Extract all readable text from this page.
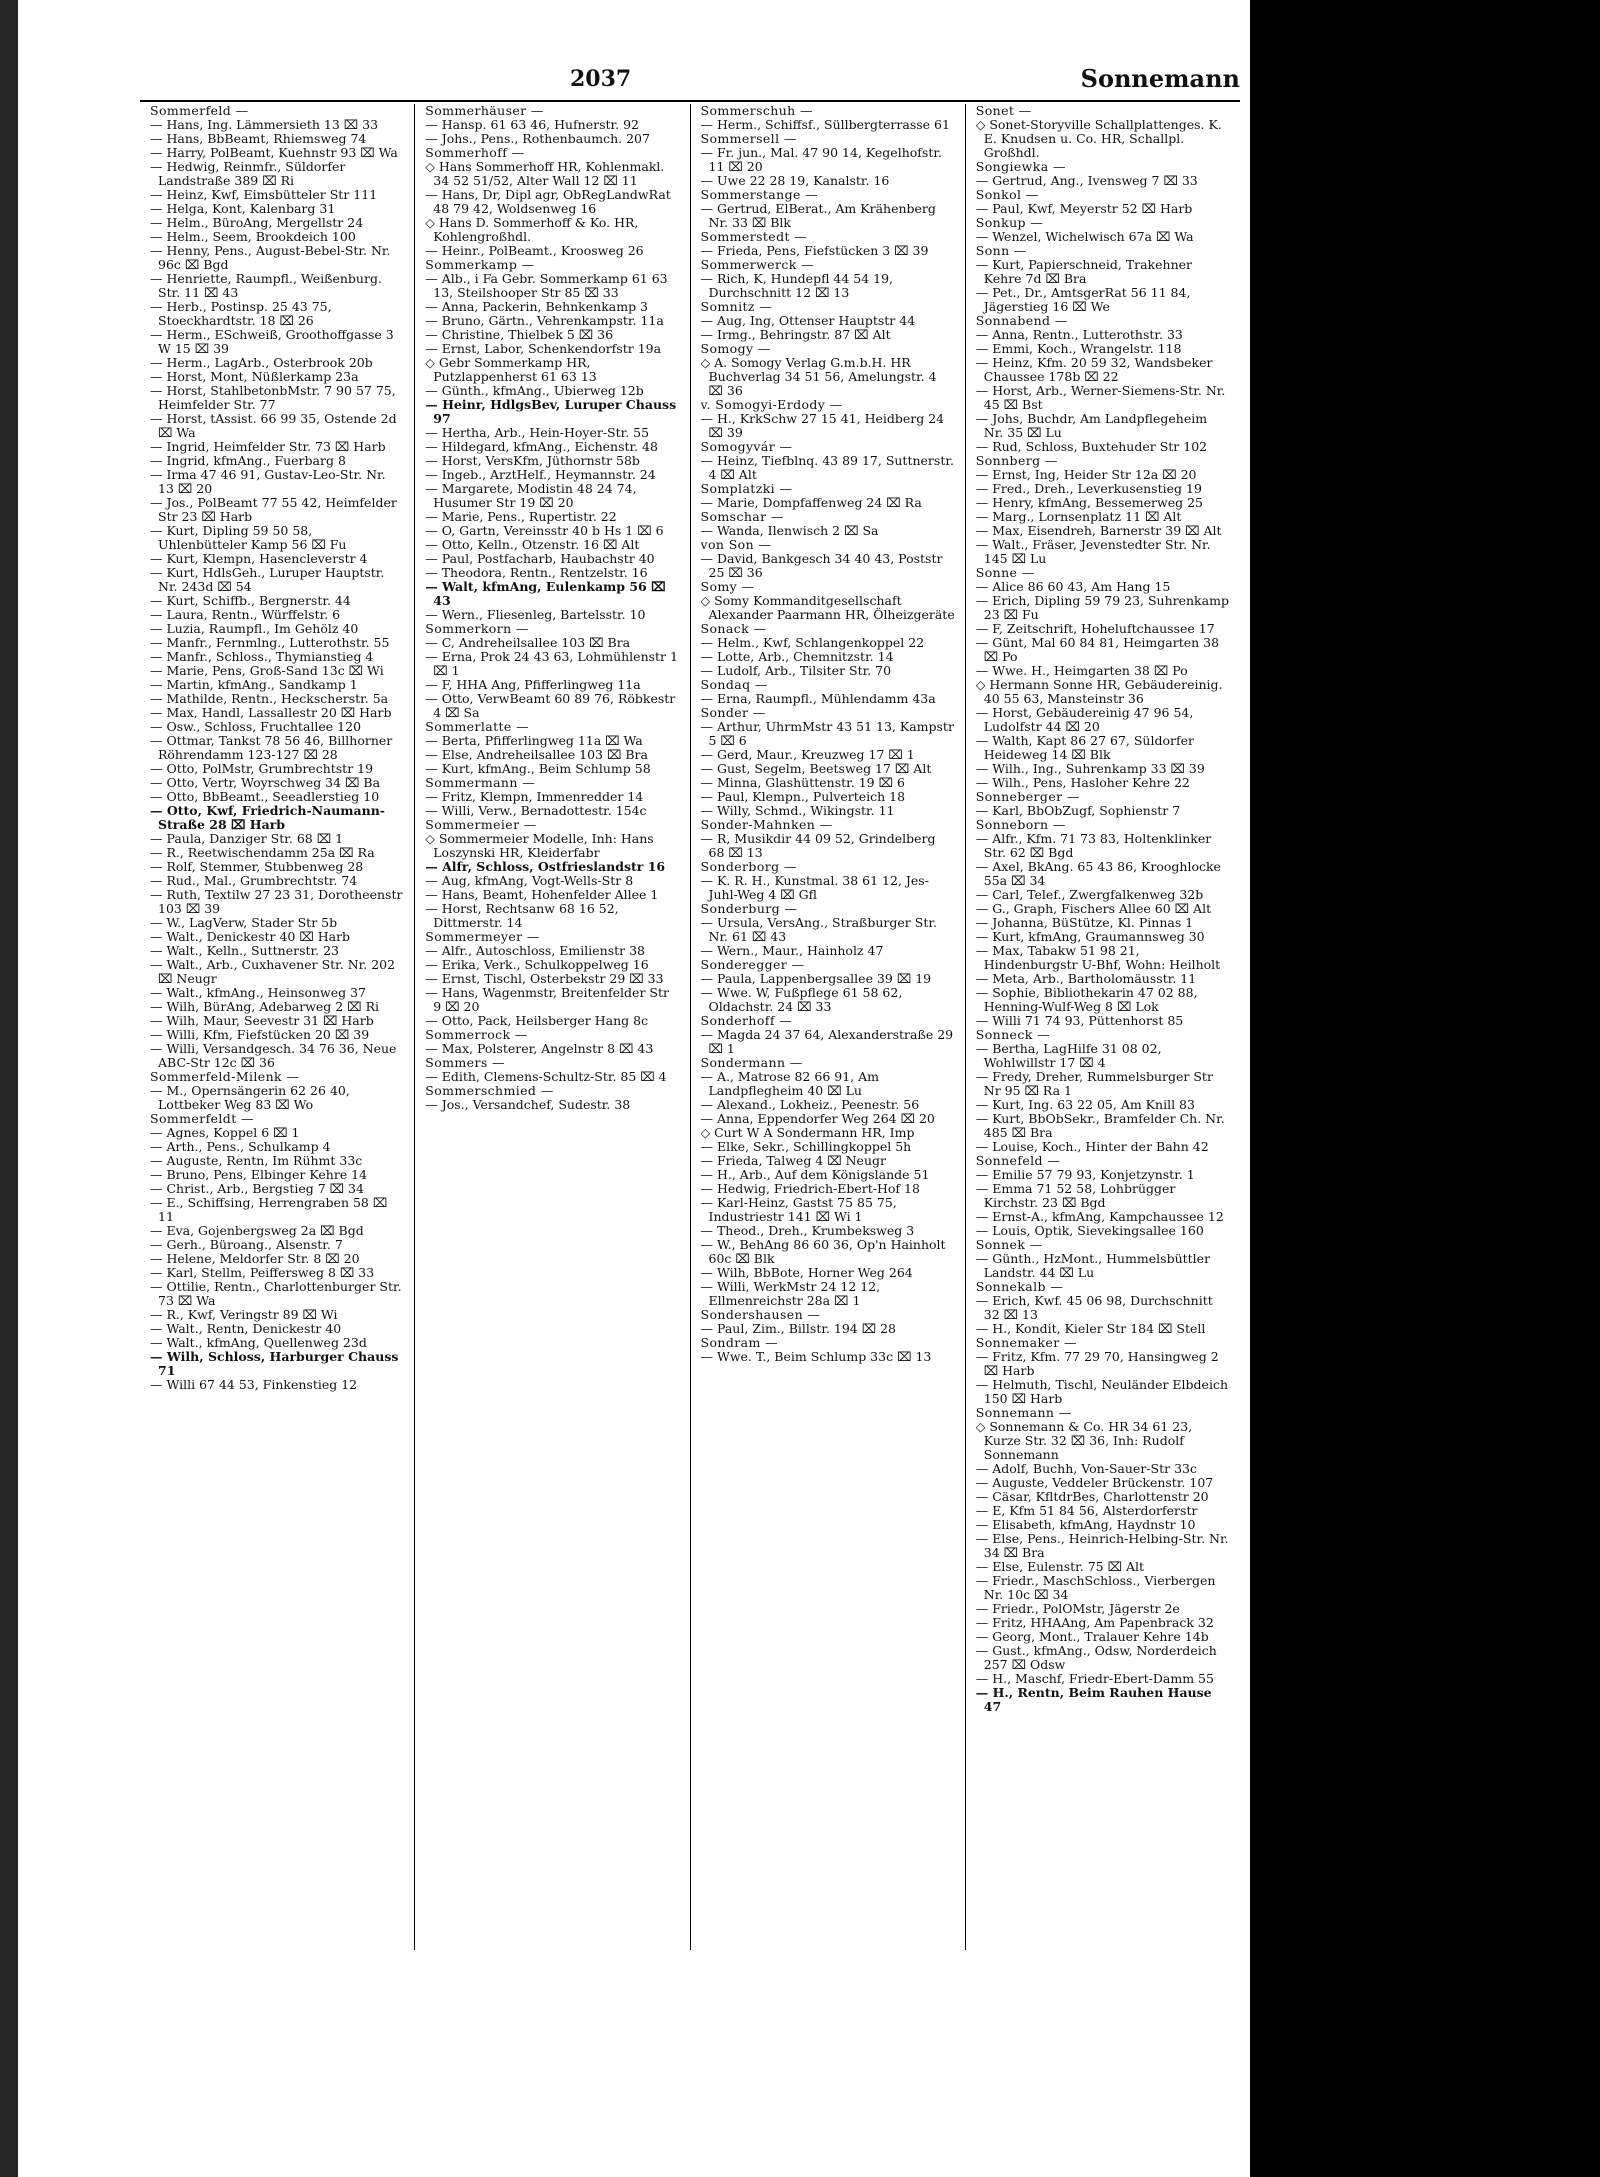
2037	Sonnemann
Sommerfeld —
— Hans, Ing. Lämmersieth 13 ⌧ 33
— Hans, BbBeamt, Rhiemsweg 74
— Harry, PolBeamt, Kuehnstr 93 ⌧ Wa
— Hedwig, Reinmfr., Süldorfer Landstraße 389 ⌧ Ri
— Heinz, Kwf, Eimsbütteler Str 111
— Helga, Kont, Kalenbarg 31
— Helm., BüroAng, Mergellstr 24
— Helm., Seem, Brookdeich 100
— Henny, Pens., August-Bebel-Str. Nr. 96c ⌧ Bgd
— Henriette, Raumpfl., Weißenburg. Str. 11 ⌧ 43
— Herb., Postinsp. 25 43 75, Stoeckhardtstr. 18 ⌧ 26
— Herm., ESchweiß, Groothoffgasse 3 W 15 ⌧ 39
— Herm., LagArb., Osterbrook 20b
— Horst, Mont, Nüßlerkamp 23a
— Horst, StahlbetonbMstr. 7 90 57 75, Heimfelder Str. 77
— Horst, tAssist. 66 99 35, Ostende 2d ⌧ Wa
— Ingrid, Heimfelder Str. 73 ⌧ Harb
— Ingrid, kfmAng., Fuerbarg 8
— Irma 47 46 91, Gustav-Leo-Str. Nr. 13 ⌧ 20
— Jos., PolBeamt 77 55 42, Heimfelder Str 23 ⌧ Harb
— Kurt, Dipling 59 50 58, Uhlenbütteler Kamp 56 ⌧ Fu
— Kurt, Klempn, Hasencleverstr 4
— Kurt, HdlsGeh., Luruper Hauptstr. Nr. 243d ⌧ 54
— Kurt, Schiffb., Bergnerstr. 44
— Laura, Rentn., Würffelstr. 6
— Luzia, Raumpfl., Im Gehölz 40
— Manfr., Fernmlng., Lutterothstr. 55
— Manfr., Schloss., Thymianstieg 4
— Marie, Pens, Groß-Sand 13c ⌧ Wi
— Martin, kfmAng., Sandkamp 1
— Mathilde, Rentn., Heckscherstr. 5a
— Max, Handl, Lassallestr 20 ⌧ Harb
— Osw., Schloss, Fruchtallee 120
— Ottmar, Tankst 78 56 46, Billhorner Röhrendamm 123-127 ⌧ 28
— Otto, PolMstr, Grumbrechtstr 19
— Otto, Vertr, Woyrschweg 34 ⌧ Ba
— Otto, BbBeamt., Seeadlerstieg 10
— Otto, Kwf, Friedrich-Naumann-Straße 28 ⌧ Harb
— Paula, Danziger Str. 68 ⌧ 1
— R., Reetwischendamm 25a ⌧ Ra
— Rolf, Stemmer, Stubbenweg 28
— Rud., Mal., Grumbrechtstr. 74
— Ruth, Textilw 27 23 31, Dorotheenstr 103 ⌧ 39
— W., LagVerw, Stader Str 5b
— Walt., Denickestr 40 ⌧ Harb
— Walt., Kelln., Suttnerstr. 23
— Walt., Arb., Cuxhavener Str. Nr. 202 ⌧ Neugr
— Walt., kfmAng., Heinsonweg 37
— Wilh, BürAng, Adebarweg 2 ⌧ Ri
— Wilh, Maur, Seevestr 31 ⌧ Harb
— Willi, Kfm, Fiefstücken 20 ⌧ 39
— Willi, Versandgesch. 34 76 36, Neue ABC-Str 12c ⌧ 36
Sommerfeld-Milenk —
— M., Opernsängerin 62 26 40, Lottbeker Weg 83 ⌧ Wo
Sommerfeldt —
— Agnes, Koppel 6 ⌧ 1
— Arth., Pens., Schulkamp 4
— Auguste, Rentn, Im Rühmt 33c
— Bruno, Pens, Elbinger Kehre 14
— Christ., Arb., Bergstieg 7 ⌧ 34
— E., Schiffsing, Herrengraben 58 ⌧ 11
— Eva, Gojenbergsweg 2a ⌧ Bgd
— Gerh., Büroang., Alsenstr. 7
— Helene, Meldorfer Str. 8 ⌧ 20
— Karl, Stellm, Peiffersweg 8 ⌧ 33
— Ottilie, Rentn., Charlottenburger Str. 73 ⌧ Wa
— R., Kwf, Veringstr 89 ⌧ Wi
— Walt., Rentn, Denickestr 40
— Walt., kfmAng, Quellenweg 23d
— Wilh, Schloss, Harburger Chauss 71
— Willi 67 44 53, Finkenstieg 12
Sommerhäuser —
— Hansp. 61 63 46, Hufnerstr. 92
— Johs., Pens., Rothenbaumch. 207
Sommerhoff —
◇ Hans Sommerhoff HR, Kohlenmakl. 34 52 51/52, Alter Wall 12 ⌧ 11
— Hans, Dr, Dipl agr, ObRegLandwRat 48 79 42, Woldsenweg 16
◇ Hans D. Sommerhoff & Ko. HR, Kohlengroßhdl.
— Heinr., PolBeamt., Kroosweg 26
Sommerkamp —
— Alb., i Fa Gebr. Sommerkamp 61 63 13, Steilshooper Str 85 ⌧ 33
— Anna, Packerin, Behnkenkamp 3
— Bruno, Gärtn., Vehrenkampstr. 11a
— Christine, Thielbek 5 ⌧ 36
— Ernst, Labor, Schenkendorfstr 19a
◇ Gebr Sommerkamp HR, Putzlappenherst 61 63 13
— Günth., kfmAng., Ubierweg 12b
— Heinr, HdlgsBev, Luruper Chauss 97
— Hertha, Arb., Hein-Hoyer-Str. 55
— Hildegard, kfmAng., Eichenstr. 48
— Horst, VersKfm, Jüthornstr 58b
— Ingeb., ArztHelf., Heymannstr. 24
— Margarete, Modistin 48 24 74, Husumer Str 19 ⌧ 20
— Marie, Pens., Rupertistr. 22
— O, Gartn, Vereinsstr 40 b Hs 1 ⌧ 6
— Otto, Kelln., Otzenstr. 16 ⌧ Alt
— Paul, Postfacharb, Haubachstr 40
— Theodora, Rentn., Rentzelstr. 16
— Walt, kfmAng, Eulenkamp 56 ⌧ 43
— Wern., Fliesenleg, Bartelsstr. 10
Sommerkorn —
— C, Andreheilsallee 103 ⌧ Bra
— Erna, Prok 24 43 63, Lohmühlenstr 1 ⌧ 1
— F, HHA Ang, Pfifferlingweg 11a
— Otto, VerwBeamt 60 89 76, Röbkestr 4 ⌧ Sa
Sommerlatte —
— Berta, Pfifferlingweg 11a ⌧ Wa
— Else, Andreheilsallee 103 ⌧ Bra
— Kurt, kfmAng., Beim Schlump 58
Sommermann —
— Fritz, Klempn, Immenredder 14
— Willi, Verw., Bernadottestr. 154c
Sommermeier —
◇ Sommermeier Modelle, Inh: Hans Loszynski HR, Kleiderfabr
— Alfr, Schloss, Ostfrieslandstr 16
— Aug, kfmAng, Vogt-Wells-Str 8
— Hans, Beamt, Hohenfelder Allee 1
— Horst, Rechtsanw 68 16 52, Dittmerstr. 14
Sommermeyer —
— Alfr., Autoschloss, Emilienstr 38
— Erika, Verk., Schulkoppelweg 16
— Ernst, Tischl, Osterbekstr 29 ⌧ 33
— Hans, Wagenmstr, Breitenfelder Str 9 ⌧ 20
— Otto, Pack, Heilsberger Hang 8c
Sommerrock —
— Max, Polsterer, Angelnstr 8 ⌧ 43
Sommers —
— Edith, Clemens-Schultz-Str. 85 ⌧ 4
Sommerschmied —
— Jos., Versandchef, Sudestr. 38
Sommerschuh —
— Herm., Schiffsf., Süllbergterrasse 61
Sommersell —
— Fr. jun., Mal. 47 90 14, Kegelhofstr. 11 ⌧ 20
— Uwe 22 28 19, Kanalstr. 16
Sommerstange —
— Gertrud, ElBerat., Am Krähenberg Nr. 33 ⌧ Blk
Sommerstedt —
— Frieda, Pens, Fiefstücken 3 ⌧ 39
Sommerwerck —
— Rich, K, Hundepfl 44 54 19, Durchschnitt 12 ⌧ 13
Somnitz —
— Aug, Ing, Ottenser Hauptstr 44
— Irmg., Behringstr. 87 ⌧ Alt
Somogy —
◇ A. Somogy Verlag G.m.b.H. HR Buchverlag 34 51 56, Amelungstr. 4 ⌧ 36
v. Somogyi-Erdody —
— H., KrkSchw 27 15 41, Heidberg 24 ⌧ 39
Somogyvár —
— Heinz, Tiefblnq. 43 89 17, Suttnerstr. 4 ⌧ Alt
Somplatzki —
— Marie, Dompfaffenweg 24 ⌧ Ra
Somschar —
— Wanda, Ilenwisch 2 ⌧ Sa
von Son —
— David, Bankgesch 34 40 43, Poststr 25 ⌧ 36
Somy —
◇ Somy Kommanditgesellschaft Alexander Paarmann HR, Ölheizgeräte
Sonack —
— Helm., Kwf, Schlangenkoppel 22
— Lotte, Arb., Chemnitzstr. 14
— Ludolf, Arb., Tilsiter Str. 70
Sondaq —
— Erna, Raumpfl., Mühlendamm 43a
Sonder —
— Arthur, UhrmMstr 43 51 13, Kampstr 5 ⌧ 6
— Gerd, Maur., Kreuzweg 17 ⌧ 1
— Gust, Segelm, Beetsweg 17 ⌧ Alt
— Minna, Glashüttenstr. 19 ⌧ 6
— Paul, Klempn., Pulverteich 18
— Willy, Schmd., Wikingstr. 11
Sonder-Mahnken —
— R, Musikdir 44 09 52, Grindelberg 68 ⌧ 13
Sonderborg —
— K. R. H., Kunstmal. 38 61 12, Jes-Juhl-Weg 4 ⌧ Gfl
Sonderburg —
— Ursula, VersAng., Straßburger Str. Nr. 61 ⌧ 43
— Wern., Maur., Hainholz 47
Sonderegger —
— Paula, Lappenbergsallee 39 ⌧ 19
— Wwe. W, Fußpflege 61 58 62, Oldachstr. 24 ⌧ 33
Sonderhoff —
— Magda 24 37 64, Alexanderstraße 29 ⌧ 1
Sondermann —
— A., Matrose 82 66 91, Am Landpflegheim 40 ⌧ Lu
— Alexand., Lokheiz., Peenestr. 56
— Anna, Eppendorfer Weg 264 ⌧ 20
◇ Curt W A Sondermann HR, Imp
— Elke, Sekr., Schillingkoppel 5h
— Frieda, Talweg 4 ⌧ Neugr
— H., Arb., Auf dem Königslande 51
— Hedwig, Friedrich-Ebert-Hof 18
— Karl-Heinz, Gastst 75 85 75, Industriestr 141 ⌧ Wi 1
— Theod., Dreh., Krumbeksweg 3
— W., BehAng 86 60 36, Op'n Hainholt 60c ⌧ Blk
— Wilh, BbBote, Horner Weg 264
— Willi, WerkMstr 24 12 12, Ellmenreichstr 28a ⌧ 1
Sondershausen —
— Paul, Zim., Billstr. 194 ⌧ 28
Sondram —
— Wwe. T., Beim Schlump 33c ⌧ 13
Sonet —
◇ Sonet-Storyville Schallplattenges. K. E. Knudsen u. Co. HR, Schallpl. Großhdl.
Songiewka —
— Gertrud, Ang., Ivensweg 7 ⌧ 33
Sonkol —
— Paul, Kwf, Meyerstr 52 ⌧ Harb
Sonkup —
— Wenzel, Wichelwisch 67a ⌧ Wa
Sonn —
— Kurt, Papierschneid, Trakehner Kehre 7d ⌧ Bra
— Pet., Dr., AmtsgerRat 56 11 84, Jägerstieg 16 ⌧ We
Sonnabend —
— Anna, Rentn., Lutterothstr. 33
— Emmi, Koch., Wrangelstr. 118
— Heinz, Kfm. 20 59 32, Wandsbeker Chaussee 178b ⌧ 22
— Horst, Arb., Werner-Siemens-Str. Nr. 45 ⌧ Bst
— Johs, Buchdr, Am Landpflegeheim Nr. 35 ⌧ Lu
— Rud, Schloss, Buxtehuder Str 102
Sonnberg —
— Ernst, Ing, Heider Str 12a ⌧ 20
— Fred., Dreh., Leverkusenstieg 19
— Henry, kfmAng, Bessemerweg 25
— Marg., Lornsenplatz 11 ⌧ Alt
— Max, Eisendreh, Barnerstr 39 ⌧ Alt
— Walt., Fräser, Jevenstedter Str. Nr. 145 ⌧ Lu
Sonne —
— Alice 86 60 43, Am Hang 15
— Erich, Dipling 59 79 23, Suhrenkamp 23 ⌧ Fu
— F, Zeitschrift, Hoheluftchaussee 17
— Günt, Mal 60 84 81, Heimgarten 38 ⌧ Po
— Wwe. H., Heimgarten 38 ⌧ Po
◇ Hermann Sonne HR, Gebäudereinig. 40 55 63, Mansteinstr 36
— Horst, Gebäudereinig 47 96 54, Ludolfstr 44 ⌧ 20
— Walth, Kapt 86 27 67, Süldorfer Heideweg 14 ⌧ Blk
— Wilh., Ing., Suhrenkamp 33 ⌧ 39
— Wilh., Pens, Hasloher Kehre 22
Sonneberger —
— Karl, BbObZugf, Sophienstr 7
Sonneborn —
— Alfr., Kfm. 71 73 83, Holtenklinker Str. 62 ⌧ Bgd
— Axel, BkAng. 65 43 86, Krooghlocke 55a ⌧ 34
— Carl, Telef., Zwergfalkenweg 32b
— G., Graph, Fischers Allee 60 ⌧ Alt
— Johanna, BüStütze, Kl. Pinnas 1
— Kurt, kfmAng, Graumannsweg 30
— Max, Tabakw 51 98 21, Hindenburgstr U-Bhf, Wohn: Heilholt
— Meta, Arb., Bartholomäusstr. 11
— Sophie, Bibliothekarin 47 02 88, Henning-Wulf-Weg 8 ⌧ Lok
— Willi 71 74 93, Püttenhorst 85
Sonneck —
— Bertha, LagHilfe 31 08 02, Wohlwillstr 17 ⌧ 4
— Fredy, Dreher, Rummelsburger Str Nr 95 ⌧ Ra 1
— Kurt, Ing. 63 22 05, Am Knill 83
— Kurt, BbObSekr., Bramfelder Ch. Nr. 485 ⌧ Bra
— Louise, Koch., Hinter der Bahn 42
Sonnefeld —
— Emilie 57 79 93, Konjetzynstr. 1
— Emma 71 52 58, Lohbrügger Kirchstr. 23 ⌧ Bgd
— Ernst-A., kfmAng, Kampchaussee 12
— Louis, Optik, Sievekingsallee 160
Sonnek —
— Günth., HzMont., Hummelsbüttler Landstr. 44 ⌧ Lu
Sonnekalb —
— Erich, Kwf. 45 06 98, Durchschnitt 32 ⌧ 13
— H., Kondit, Kieler Str 184 ⌧ Stell
Sonnemaker —
— Fritz, Kfm. 77 29 70, Hansingweg 2 ⌧ Harb
— Helmuth, Tischl, Neuländer Elbdeich 150 ⌧ Harb
Sonnemann —
◇ Sonnemann & Co. HR 34 61 23, Kurze Str. 32 ⌧ 36, Inh: Rudolf Sonnemann
— Adolf, Buchh, Von-Sauer-Str 33c
— Auguste, Veddeler Brückenstr. 107
— Cäsar, KfltdrBes, Charlottenstr 20
— E, Kfm 51 84 56, Alsterdorferstr
— Elisabeth, kfmAng, Haydnstr 10
— Else, Pens., Heinrich-Helbing-Str. Nr. 34 ⌧ Bra
— Else, Eulenstr. 75 ⌧ Alt
— Friedr., MaschSchloss., Vierbergen Nr. 10c ⌧ 34
— Friedr., PolOMstr, Jägerstr 2e
— Fritz, HHAAng, Am Papenbrack 32
— Georg, Mont., Tralauer Kehre 14b
— Gust., kfmAng., Odsw, Norderdeich 257 ⌧ Odsw
— H., Maschf, Friedr-Ebert-Damm 55
— H., Rentn, Beim Rauhen Hause 47
